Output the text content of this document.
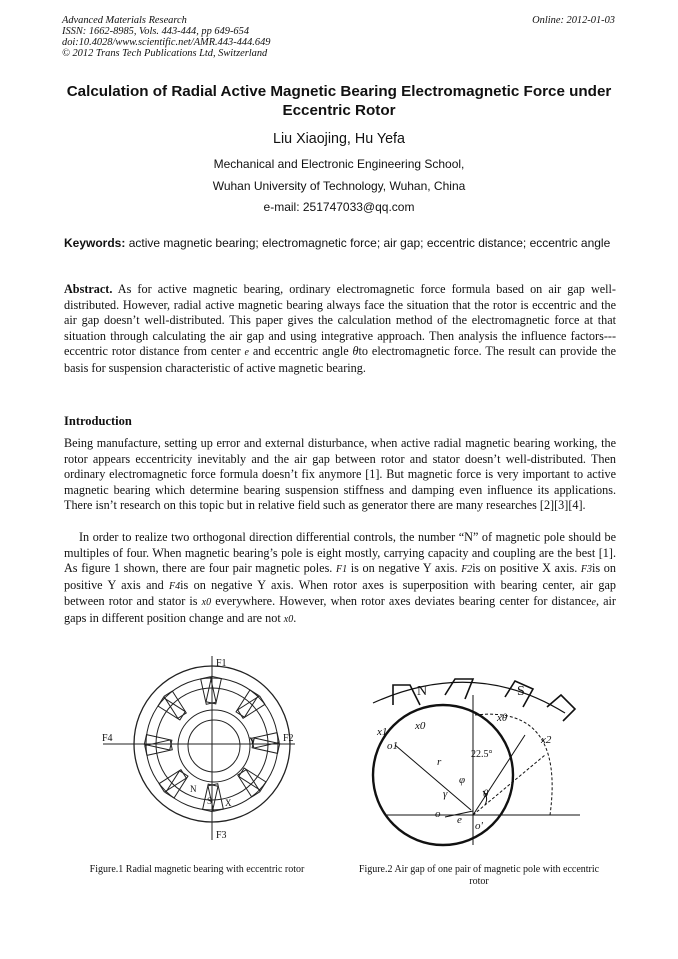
Advanced Materials Research
ISSN: 1662-8985, Vols. 443-444, pp 649-654
doi:10.4028/www.scientific.net/AMR.443-444.649
© 2012 Trans Tech Publications Ltd, Switzerland
Online: 2012-01-03
Calculation of Radial Active Magnetic Bearing Electromagnetic Force under Eccentric Rotor
Liu Xiaojing, Hu Yefa
Mechanical and Electronic Engineering School,
Wuhan University of Technology, Wuhan, China
e-mail: 251747033@qq.com
Keywords: active magnetic bearing; electromagnetic force; air gap; eccentric distance; eccentric angle
Abstract. As for active magnetic bearing, ordinary electromagnetic force formula based on air gap well-distributed. However, radial active magnetic bearing always face the situation that the rotor is eccentric and the air gap doesn’t well-distributed. This paper gives the calculation method of the electromagnetic force at that situation through calculating the air gap and using integrative approach. Then analysis the influence factors---eccentric rotor distance from center e and eccentric angle θto electromagnetic force. The result can provide the basis for suspension characteristic of active magnetic bearing.
Introduction
Being manufacture, setting up error and external disturbance, when active radial magnetic bearing working, the rotor appears eccentricity inevitably and the air gap between rotor and stator doesn’t well-distributed. Then ordinary electromagnetic force formula doesn’t fix anymore [1]. But magnetic force is very important to active magnetic bearing which determine bearing suspension stiffness and damping even influence its applications. There isn’t research on this topic but in relative field such as generator there are many researches [2][3][4].
In order to realize two orthogonal direction differential controls, the number “N” of magnetic pole should be multiples of four. When magnetic bearing’s pole is eight mostly, carrying capacity and coupling are the best [1]. As figure 1 shown, there are four pair magnetic poles. F1 is on negative Y axis. F2is on positive X axis. F3is on positive Y axis and F4is on negative Y axis. When rotor axes is superposition with bearing center, air gap between rotor and stator is x0 everywhere. However, when rotor axes deviates bearing center for distancee, air gaps in different position change and are not x0.
F1
F2
F3
F4	Y
N
S X
Figure.1 Radial magnetic bearing with eccentric rotor
N	S
x0
x1
x2
xθ
o1
22.5°
r
φ
θ
γ
o
o'
e
Figure.2 Air gap of one pair of magnetic pole with eccentric rotor
